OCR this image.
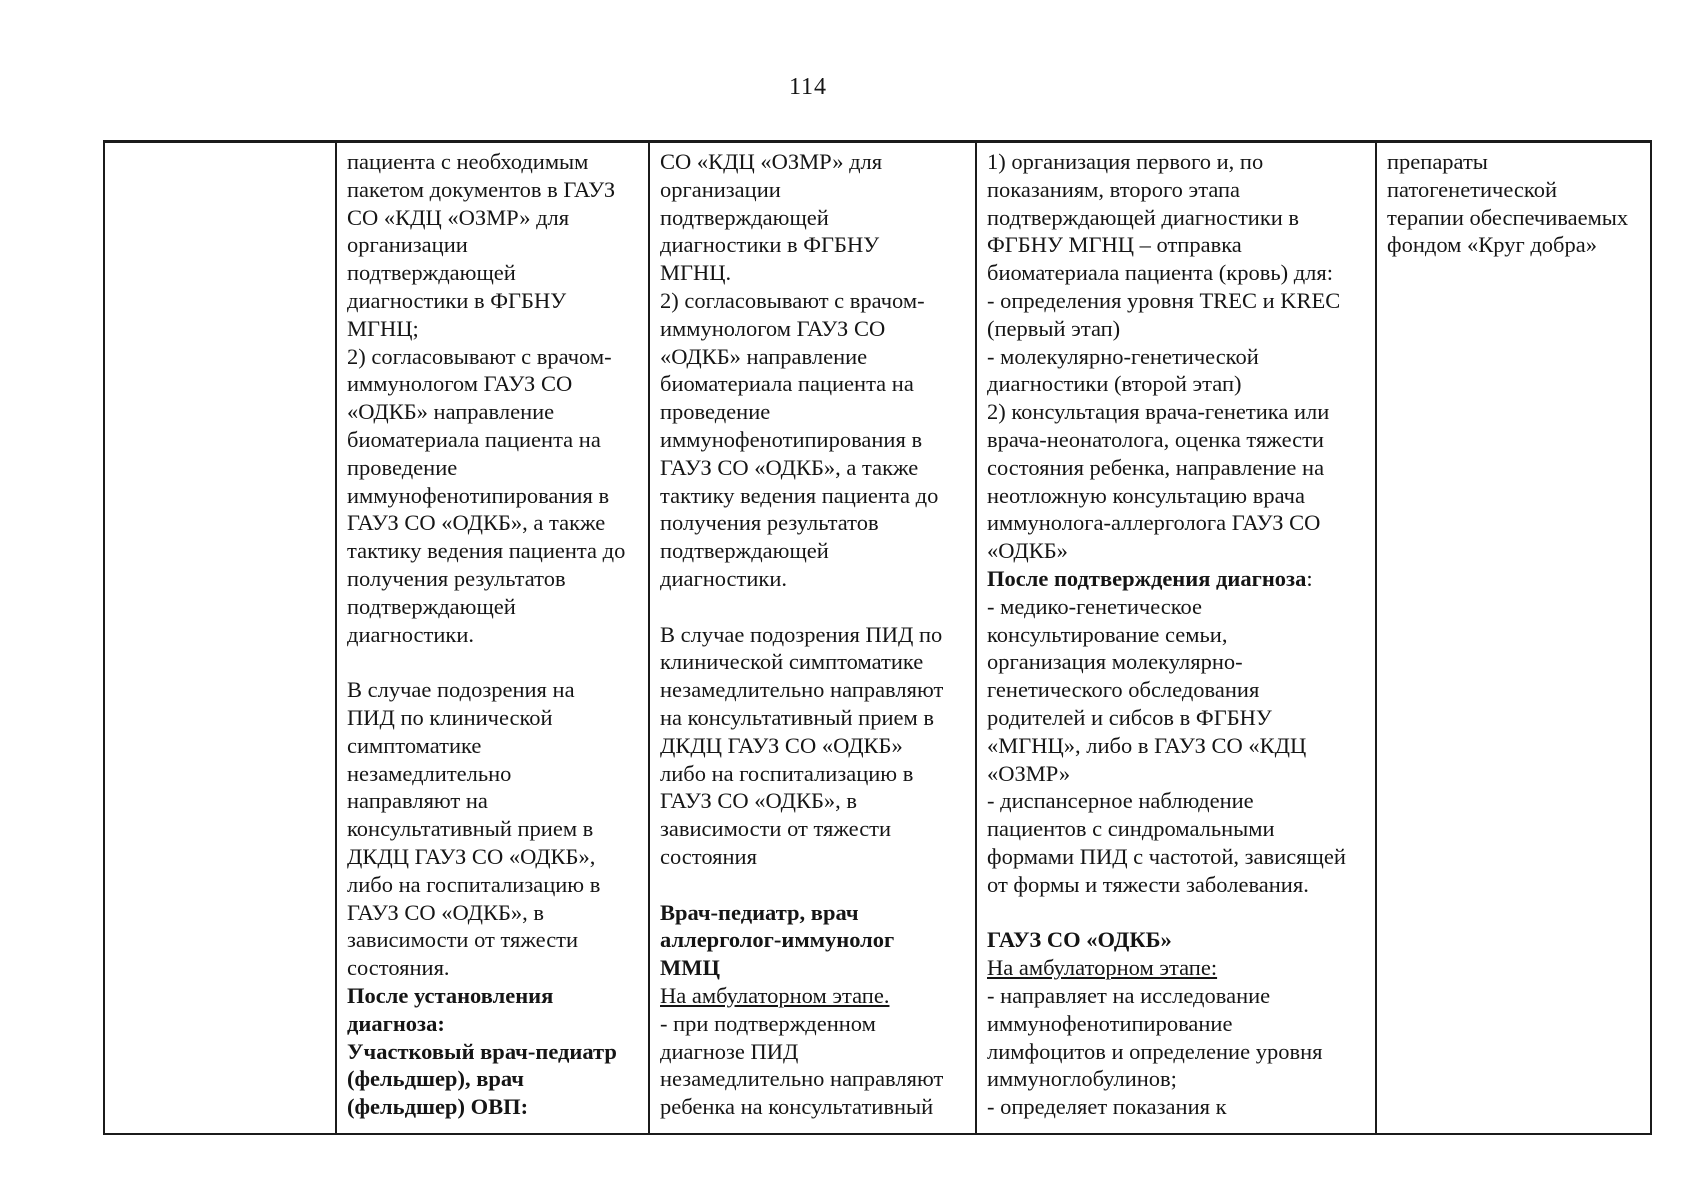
114
пациента с необходимым
пакетом документов в ГАУЗ
СО «КДЦ «ОЗМР» для
организации
подтверждающей
диагностики в ФГБНУ
МГНЦ;
2) согласовывают с врачом-
иммунологом ГАУЗ СО
«ОДКБ» направление
биоматериала пациента на
проведение
иммунофенотипирования в
ГАУЗ СО «ОДКБ», а также
тактику ведения пациента до
получения результатов
подтверждающей
диагностики.
В случае подозрения на
ПИД по клинической
симптоматике
незамедлительно
направляют на
консультативный прием в
ДКДЦ ГАУЗ СО «ОДКБ»,
либо на госпитализацию в
ГАУЗ СО «ОДКБ», в
зависимости от тяжести
состояния.
После установления
диагноза:
Участковый врач-педиатр
(фельдшер), врач
(фельдшер) ОВП:
СО «КДЦ «ОЗМР» для
организации
подтверждающей
диагностики в ФГБНУ
МГНЦ.
2) согласовывают с врачом-
иммунологом ГАУЗ СО
«ОДКБ» направление
биоматериала пациента на
проведение
иммунофенотипирования в
ГАУЗ СО «ОДКБ», а также
тактику ведения пациента до
получения результатов
подтверждающей
диагностики.
В случае подозрения ПИД по
клинической симптоматике
незамедлительно направляют
на консультативный прием в
ДКДЦ ГАУЗ СО «ОДКБ»
либо на госпитализацию в
ГАУЗ СО «ОДКБ», в
зависимости от тяжести
состояния
Врач-педиатр, врач
аллерголог-иммунолог
ММЦ
На амбулаторном этапе.
- при подтвержденном
диагнозе ПИД
незамедлительно направляют
ребенка на консультативный
1) организация первого и, по
показаниям, второго этапа
подтверждающей диагностики в
ФГБНУ МГНЦ – отправка
биоматериала пациента (кровь) для:
- определения уровня TREC и KREC
(первый этап)
- молекулярно-генетической
диагностики (второй этап)
2) консультация врача-генетика или
врача-неонатолога, оценка тяжести
состояния ребенка, направление на
неотложную консультацию врача
иммунолога-аллерголога ГАУЗ СО
«ОДКБ»
После подтверждения диагноза:
- медико-генетическое
консультирование семьи,
организация молекулярно-
генетического обследования
родителей и сибсов в ФГБНУ
«МГНЦ», либо в ГАУЗ СО «КДЦ
«ОЗМР»
- диспансерное наблюдение
пациентов с синдромальными
формами ПИД с частотой, зависящей
от формы и тяжести заболевания.
ГАУЗ СО «ОДКБ»
На амбулаторном этапе:
- направляет на исследование
иммунофенотипирование
лимфоцитов и определение уровня
иммуноглобулинов;
- определяет показания к
препараты
патогенетической
терапии обеспечиваемых
фондом «Круг добра»
